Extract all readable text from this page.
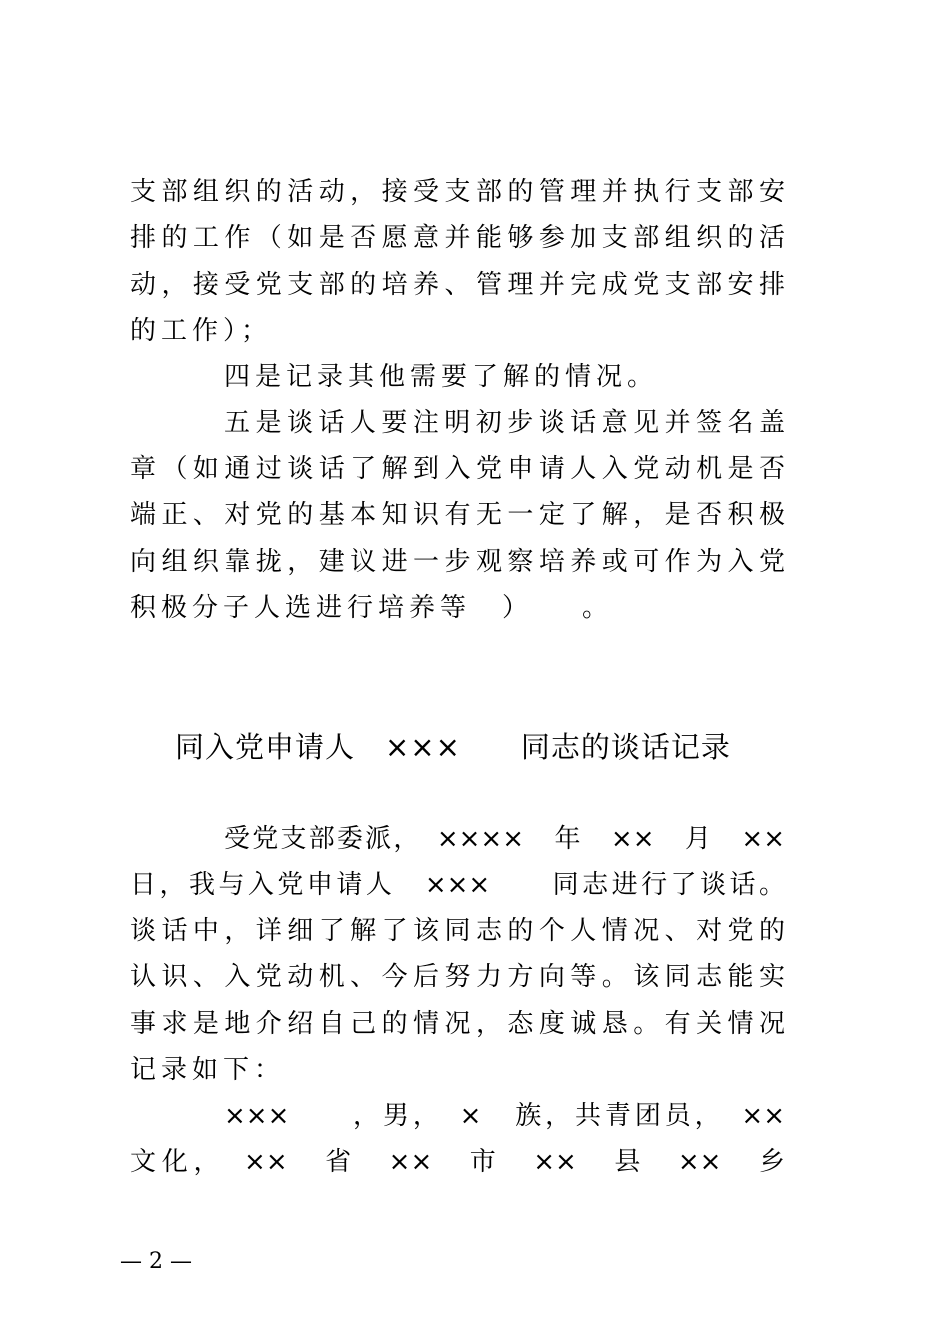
支部组织的活动，接受支部的管理并执行支部安
排的工作（如是否愿意并能够参加支部组织的活
动，接受党支部的培养、管理并完成党支部安排
的工作）；
四是记录其他需要了解的情况。
五是谈话人要注明初步谈话意见并签名盖
章（如通过谈话了解到入党申请人入党动机是否
端正、对党的基本知识有无一定了解，是否积极
向组织靠拢，建议进一步观察培养或可作为入党
积极分子人选进行培养等　）　　。
同入党申请人　×××　　同志的谈话记录
受党支部委派，　××××　年　××　月　××
日，我与入党申请人　×××　　同志进行了谈话。
谈话中，详细了解了该同志的个人情况、对党的
认识、入党动机、今后努力方向等。该同志能实
事求是地介绍自己的情况，态度诚恳。有关情况
记录如下：
×××　　，男，　×　族，共青团员，　××
文化，　××　省　××　市　××　县　××　乡
— 2 —
